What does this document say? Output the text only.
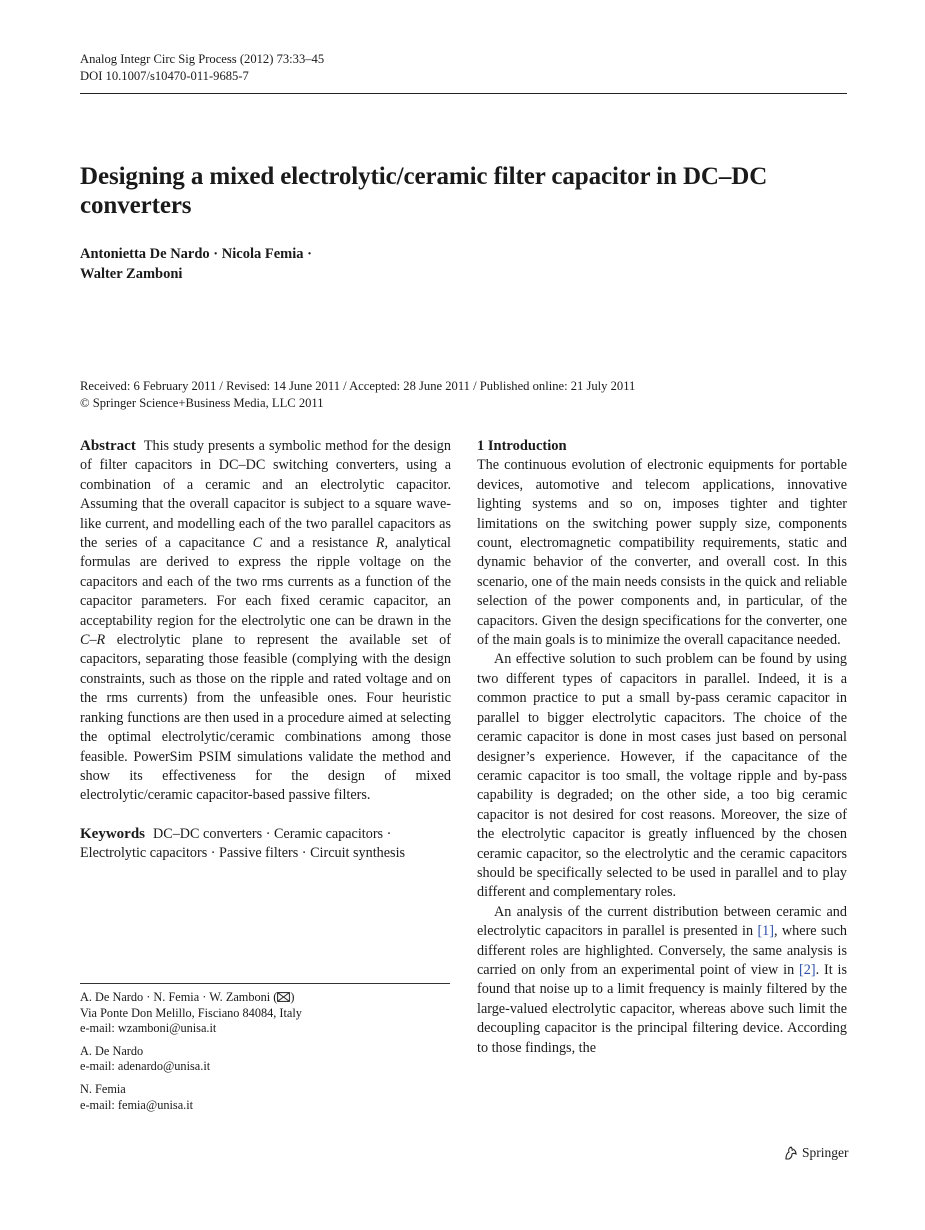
Analog Integr Circ Sig Process (2012) 73:33–45
DOI 10.1007/s10470-011-9685-7
Designing a mixed electrolytic/ceramic filter capacitor in DC–DC converters
Antonietta De Nardo · Nicola Femia ·
Walter Zamboni
Received: 6 February 2011 / Revised: 14 June 2011 / Accepted: 28 June 2011 / Published online: 21 July 2011
© Springer Science+Business Media, LLC 2011

Abstract This study presents a symbolic method for the design of filter capacitors in DC–DC switching converters, using a combination of a ceramic and an electrolytic capacitor. Assuming that the overall capacitor is subject to a square wave-like current, and modelling each of the two parallel capacitors as the series of a capacitance C and a resistance R, analytical formulas are derived to express the ripple voltage on the capacitors and each of the two rms currents as a function of the capacitor parameters. For each fixed ceramic capacitor, an acceptability region for the electrolytic one can be drawn in the C–R electrolytic plane to represent the available set of capacitors, separating those feasible (complying with the design constraints, such as those on the ripple and rated voltage and on the rms currents) from the unfeasible ones. Four heuristic ranking functions are then used in a procedure aimed at selecting the optimal electrolytic/ceramic combinations among those feasible. PowerSim PSIM simulations validate the method and show its effectiveness for the design of mixed electrolytic/ceramic capacitor-based passive filters.

Keywords DC–DC converters · Ceramic capacitors · Electrolytic capacitors · Passive filters · Circuit synthesis

A. De Nardo · N. Femia · W. Zamboni ( )
Via Ponte Don Melillo, Fisciano 84084, Italy
e-mail: wzamboni@unisa.it
A. De Nardo
e-mail: adenardo@unisa.it
N. Femia
e-mail: femia@unisa.it

1 Introduction

The continuous evolution of electronic equipments for portable devices, automotive and telecom applications, innovative lighting systems and so on, imposes tighter and tighter limitations on the switching power supply size, components count, electromagnetic compatibility requirements, static and dynamic behavior of the converter, and overall cost. In this scenario, one of the main needs consists in the quick and reliable selection of the power components and, in particular, of the capacitors. Given the design specifications for the converter, one of the main goals is to minimize the overall capacitance needed.

An effective solution to such problem can be found by using two different types of capacitors in parallel. Indeed, it is a common practice to put a small by-pass ceramic capacitor in parallel to bigger electrolytic capacitors. The choice of the ceramic capacitor is done in most cases just based on personal designer’s experience. However, if the capacitance of the ceramic capacitor is too small, the voltage ripple and by-pass capability is degraded; on the other side, a too big ceramic capacitor is not desired for cost reasons. Moreover, the size of the electrolytic capacitor is greatly influenced by the chosen ceramic capacitor, so the electrolytic and the ceramic capacitors should be specifically selected to be used in parallel and to play different and complementary roles.

An analysis of the current distribution between ceramic and electrolytic capacitors in parallel is presented in [1], where such different roles are highlighted. Conversely, the same analysis is carried on only from an experimental point of view in [2]. It is found that noise up to a limit frequency is mainly filtered by the large-valued electrolytic capacitor, whereas above such limit the decoupling capacitor is the principal filtering device. According to those findings, the

Springer
